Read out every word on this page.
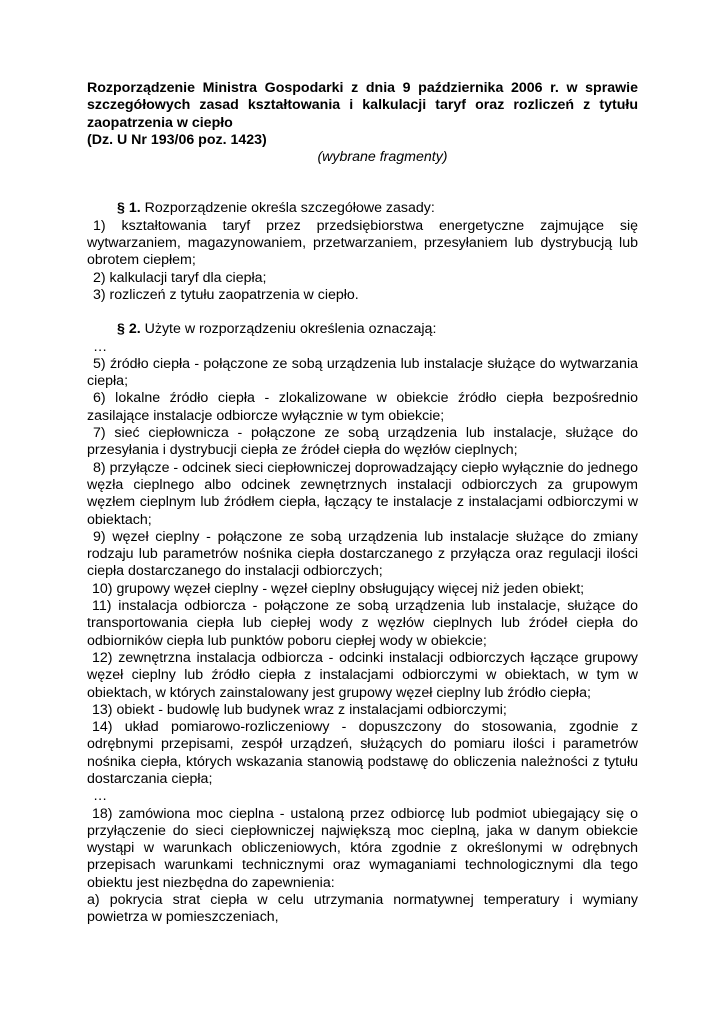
Rozporządzenie Ministra Gospodarki z dnia 9 października 2006 r. w sprawie szczegółowych zasad kształtowania i kalkulacji taryf oraz rozliczeń z tytułu zaopatrzenia w ciepło

(Dz. U Nr 193/06 poz. 1423)

(wybrane fragmenty)

§ 1. Rozporządzenie określa szczegółowe zasady:

1) kształtowania taryf przez przedsiębiorstwa energetyczne zajmujące się wytwarzaniem, magazynowaniem, przetwarzaniem, przesyłaniem lub dystrybucją lub obrotem ciepłem;

2) kalkulacji taryf dla ciepła;

3) rozliczeń z tytułu zaopatrzenia w ciepło.

§ 2. Użyte w rozporządzeniu określenia oznaczają:

…

5) źródło ciepła - połączone ze sobą urządzenia lub instalacje służące do wytwarzania ciepła;

6) lokalne źródło ciepła - zlokalizowane w obiekcie źródło ciepła bezpośrednio zasilające instalacje odbiorcze wyłącznie w tym obiekcie;

7) sieć ciepłownicza - połączone ze sobą urządzenia lub instalacje, służące do przesyłania i dystrybucji ciepła ze źródeł ciepła do węzłów cieplnych;

8) przyłącze - odcinek sieci ciepłowniczej doprowadzający ciepło wyłącznie do jednego węzła cieplnego albo odcinek zewnętrznych instalacji odbiorczych za grupowym węzłem cieplnym lub źródłem ciepła, łączący te instalacje z instalacjami odbiorczymi w obiektach;

9) węzeł cieplny - połączone ze sobą urządzenia lub instalacje służące do zmiany rodzaju lub parametrów nośnika ciepła dostarczanego z przyłącza oraz regulacji ilości ciepła dostarczanego do instalacji odbiorczych;

10) grupowy węzeł cieplny - węzeł cieplny obsługujący więcej niż jeden obiekt;

11) instalacja odbiorcza - połączone ze sobą urządzenia lub instalacje, służące do transportowania ciepła lub ciepłej wody z węzłów cieplnych lub źródeł ciepła do odbiorników ciepła lub punktów poboru ciepłej wody w obiekcie;

12) zewnętrzna instalacja odbiorcza - odcinki instalacji odbiorczych łączące grupowy węzeł cieplny lub źródło ciepła z instalacjami odbiorczymi w obiektach, w tym w obiektach, w których zainstalowany jest grupowy węzeł cieplny lub źródło ciepła;

13) obiekt - budowlę lub budynek wraz z instalacjami odbiorczymi;

14) układ pomiarowo-rozliczeniowy - dopuszczony do stosowania, zgodnie z odrębnymi przepisami, zespół urządzeń, służących do pomiaru ilości i parametrów nośnika ciepła, których wskazania stanowią podstawę do obliczenia należności z tytułu dostarczania ciepła;

…

18) zamówiona moc cieplna - ustaloną przez odbiorcę lub podmiot ubiegający się o przyłączenie do sieci ciepłowniczej największą moc cieplną, jaka w danym obiekcie wystąpi w warunkach obliczeniowych, która zgodnie z określonymi w odrębnych przepisach warunkami technicznymi oraz wymaganiami technologicznymi dla tego obiektu jest niezbędna do zapewnienia:

a) pokrycia strat ciepła w celu utrzymania normatywnej temperatury i wymiany powietrza w pomieszczeniach,
